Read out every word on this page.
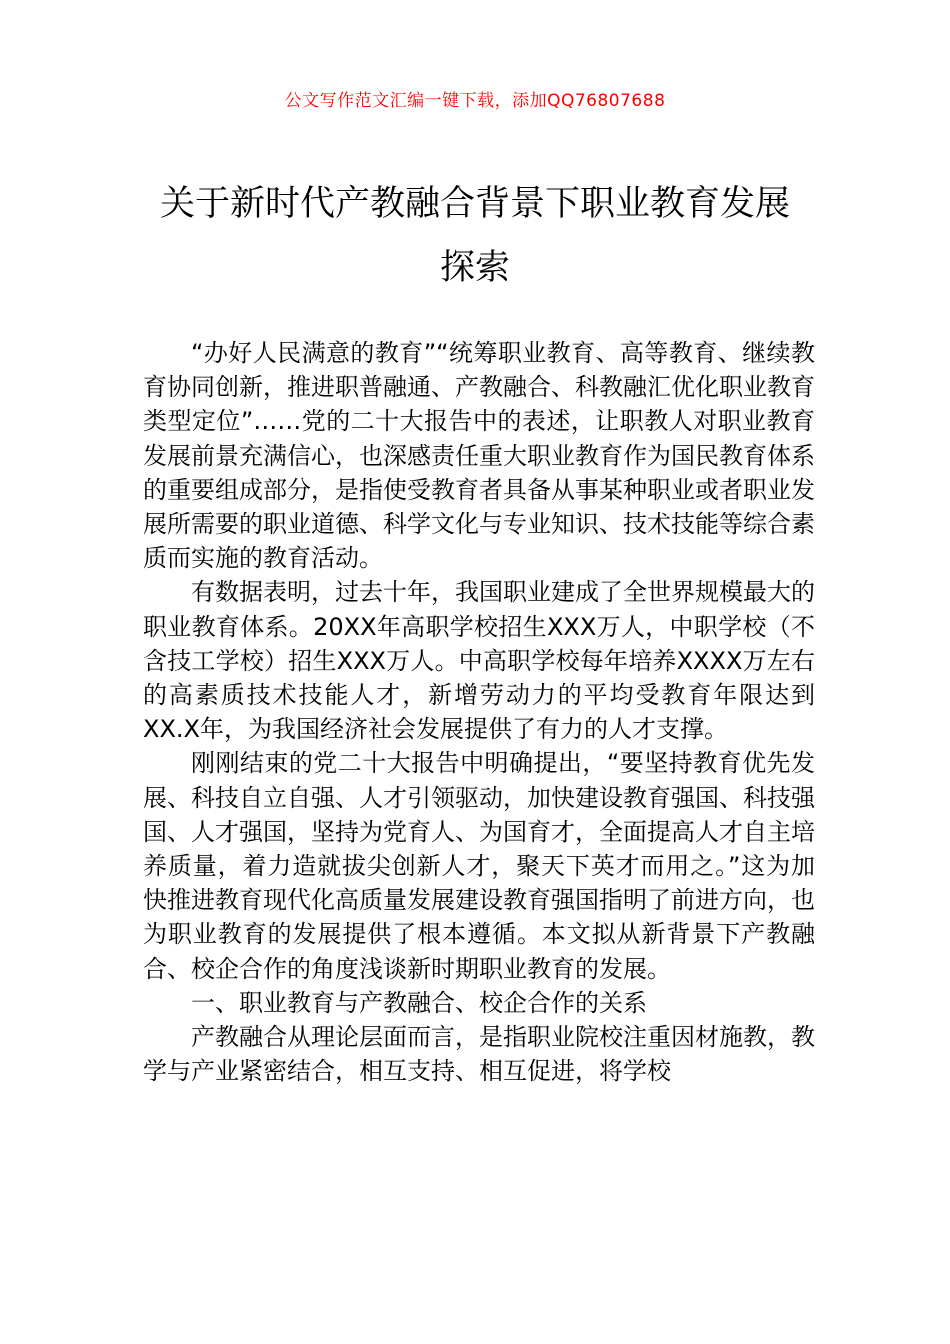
公文写作范文汇编一键下载，添加QQ76807688
关于新时代产教融合背景下职业教育发展
探索

“办好人民满意的教育”“统筹职业教育、高等教育、继续教育协同创新，推进职普融通、产教融合、科教融汇优化职业教育类型定位”……党的二十大报告中的表述，让职教人对职业教育发展前景充满信心，也深感责任重大职业教育作为国民教育体系的重要组成部分，是指使受教育者具备从事某种职业或者职业发展所需要的职业道德、科学文化与专业知识、技术技能等综合素质而实施的教育活动。

有数据表明，过去十年，我国职业建成了全世界规模最大的职业教育体系。20XX年高职学校招生XXX万人，中职学校（不含技工学校）招生XXX万人。中高职学校每年培养XXXX万左右的高素质技术技能人才，新增劳动力的平均受教育年限达到XX.X年，为我国经济社会发展提供了有力的人才支撑。

刚刚结束的党二十大报告中明确提出，“要坚持教育优先发展、科技自立自强、人才引领驱动，加快建设教育强国、科技强国、人才强国，坚持为党育人、为国育才，全面提高人才自主培养质量，着力造就拔尖创新人才，聚天下英才而用之。”这为加快推进教育现代化高质量发展建设教育强国指明了前进方向，也为职业教育的发展提供了根本遵循。本文拟从新背景下产教融合、校企合作的角度浅谈新时期职业教育的发展。

一、职业教育与产教融合、校企合作的关系

产教融合从理论层面而言，是指职业院校注重因材施教，教学与产业紧密结合，相互支持、相互促进，将学校
